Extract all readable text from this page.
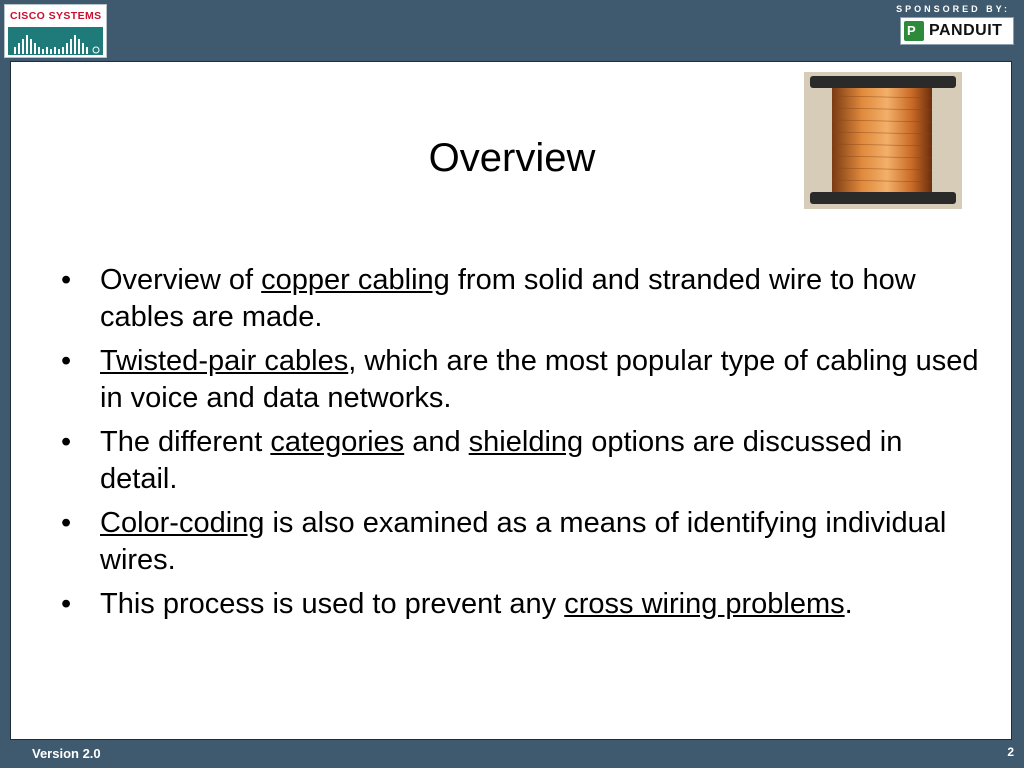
CISCO SYSTEMS
SPONSORED BY:
P PANDUIT
Overview
• Overview of copper cabling from solid and stranded wire to how cables are made.
• Twisted-pair cables, which are the most popular type of cabling used in voice and data networks.
• The different categories and shielding options are discussed in detail.
• Color-coding is also examined as a means of identifying individual wires.
• This process is used to prevent any cross wiring problems.
Version 2.0	2
